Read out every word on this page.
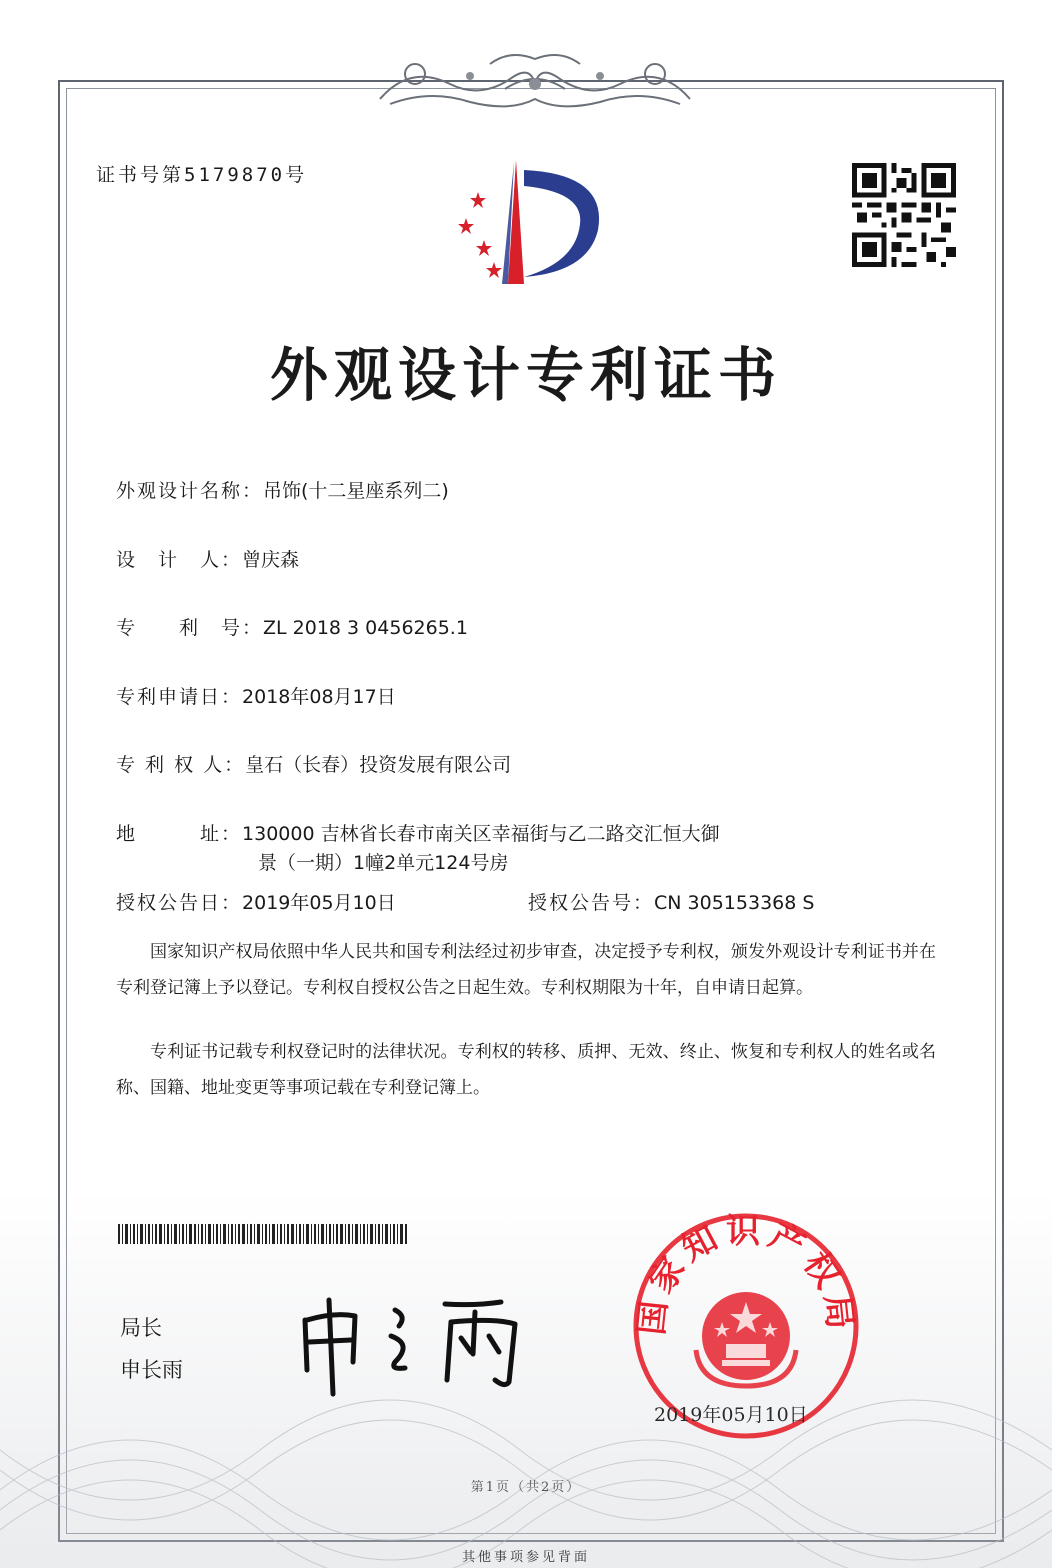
证书号第5179870号
外观设计专利证书
外观设计名称：吊饰(十二星座系列二)
设　计　人：曾庆森
专　　利　号：ZL 2018 3 0456265.1
专利申请日：2018年08月17日
专 利 权 人：皇石（长春）投资发展有限公司
地　　　址：130000 吉林省长春市南关区幸福街与乙二路交汇恒大御
景（一期）1幢2单元124号房
授权公告日：2019年05月10日	授权公告号：CN 305153368 S
国家知识产权局依照中华人民共和国专利法经过初步审查，决定授予专利权，颁发外观设计专利证书并在专利登记簿上予以登记。专利权自授权公告之日起生效。专利权期限为十年，自申请日起算。
专利证书记载专利权登记时的法律状况。专利权的转移、质押、无效、终止、恢复和专利权人的姓名或名称、国籍、地址变更等事项记载在专利登记簿上。
局长
申长雨
国家知识产权局
2019年05月10日
第1页（共2页）
其他事项参见背面
